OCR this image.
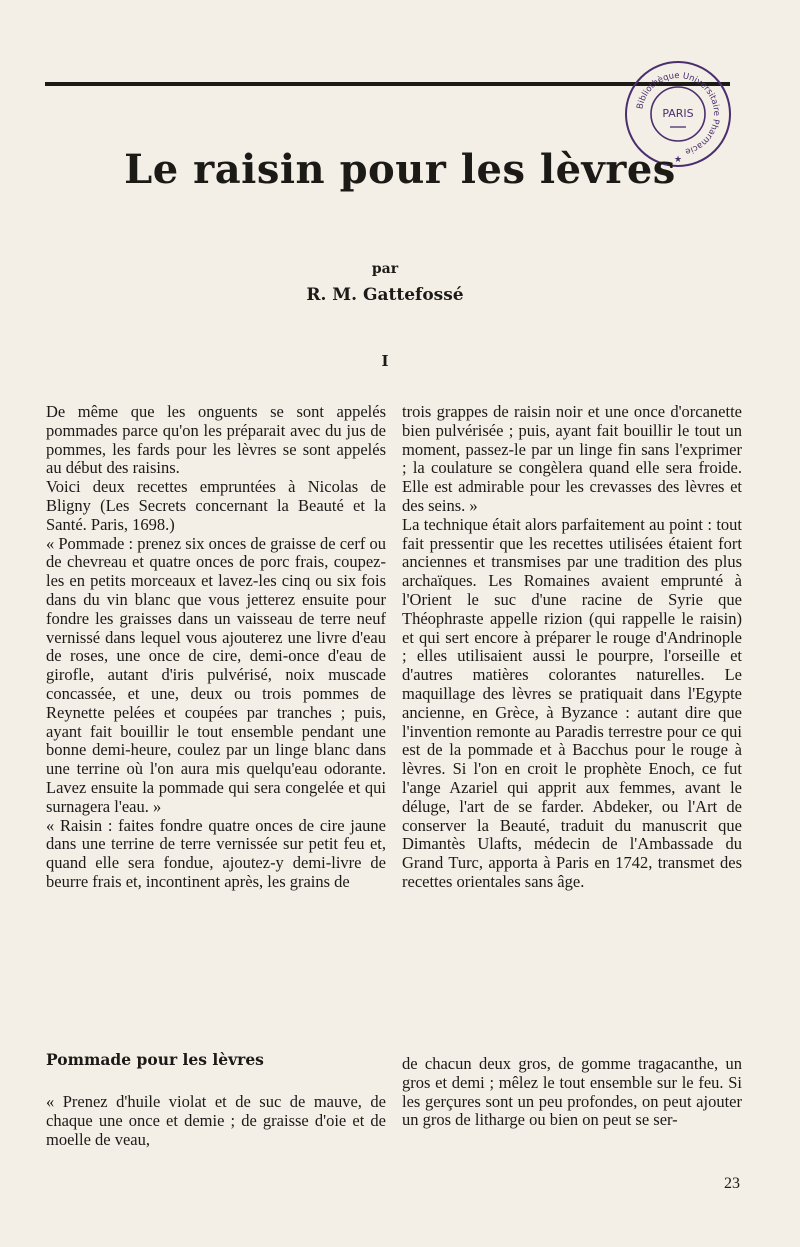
Bibliothèque Universitaire Pharmacie
PARIS
★
Le raisin pour les lèvres
par
R. M. Gattefossé
I

De même que les onguents se sont appelés pommades parce qu'on les préparait avec du jus de pommes, les fards pour les lèvres se sont appelés au début des raisins.

Voici deux recettes empruntées à Nicolas de Bligny (Les Secrets concernant la Beauté et la Santé. Paris, 1698.)

« Pommade : prenez six onces de graisse de cerf ou de chevreau et quatre onces de porc frais, coupez-les en petits morceaux et lavez-les cinq ou six fois dans du vin blanc que vous jetterez ensuite pour fondre les graisses dans un vaisseau de terre neuf vernissé dans lequel vous ajouterez une livre d'eau de roses, une once de cire, demi-once d'eau de girofle, autant d'iris pulvérisé, noix muscade concassée, et une, deux ou trois pommes de Reynette pelées et coupées par tranches ; puis, ayant fait bouillir le tout ensemble pendant une bonne demi-heure, coulez par un linge blanc dans une terrine où l'on aura mis quelqu'eau odorante. Lavez ensuite la pommade qui sera congelée et qui surnagera l'eau. »

« Raisin : faites fondre quatre onces de cire jaune dans une terrine de terre vernissée sur petit feu et, quand elle sera fondue, ajoutez-y demi-livre de beurre frais et, incontinent après, les grains de

trois grappes de raisin noir et une once d'orcanette bien pulvérisée ; puis, ayant fait bouillir le tout un moment, passez-le par un linge fin sans l'exprimer ; la coulature se congèlera quand elle sera froide. Elle est admirable pour les crevasses des lèvres et des seins. »

La technique était alors parfaitement au point : tout fait pressentir que les recettes utilisées étaient fort anciennes et transmises par une tradition des plus archaïques. Les Romaines avaient emprunté à l'Orient le suc d'une racine de Syrie que Théophraste appelle rizion (qui rappelle le raisin) et qui sert encore à préparer le rouge d'Andrinople ; elles utilisaient aussi le pourpre, l'orseille et d'autres matières colorantes naturelles. Le maquillage des lèvres se pratiquait dans l'Egypte ancienne, en Grèce, à Byzance : autant dire que l'invention remonte au Paradis terrestre pour ce qui est de la pommade et à Bacchus pour le rouge à lèvres. Si l'on en croit le prophète Enoch, ce fut l'ange Azariel qui apprit aux femmes, avant le déluge, l'art de se farder. Abdeker, ou l'Art de conserver la Beauté, traduit du manuscrit que Dimantès Ulafts, médecin de l'Ambassade du Grand Turc, apporta à Paris en 1742, transmet des recettes orientales sans âge.

Pommade pour les lèvres

« Prenez d'huile violat et de suc de mauve, de chaque une once et demie ; de graisse d'oie et de moelle de veau,

de chacun deux gros, de gomme tragacanthe, un gros et demi ; mêlez le tout ensemble sur le feu. Si les gerçures sont un peu profondes, on peut ajouter un gros de litharge ou bien on peut se ser-

23
